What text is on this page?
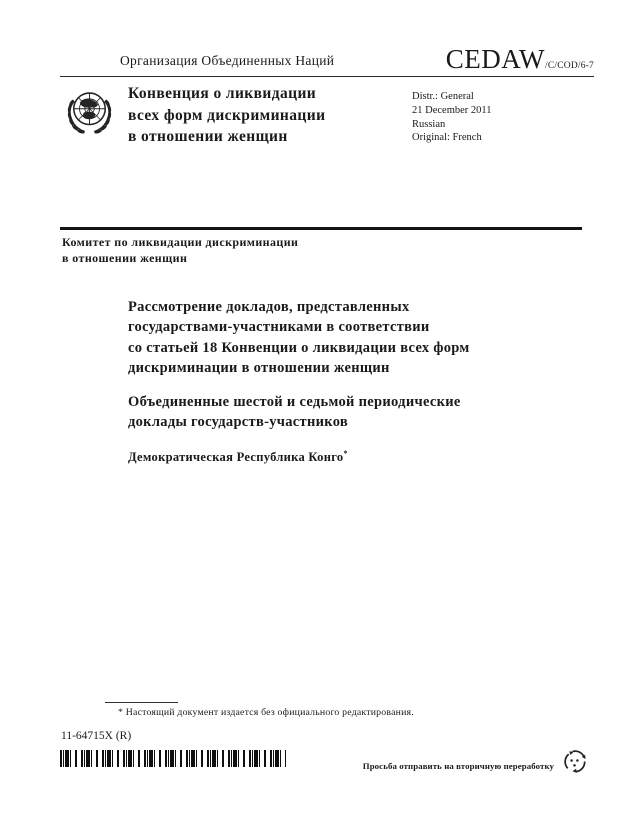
Организация Объединенных Наций	CEDAW /C/COD/6-7
Конвенция о ликвидации
всех форм дискриминации
в отношении женщин
Distr.: General
21 December 2011
Russian
Original: French
Комитет по ликвидации дискриминации
в отношении женщин
Рассмотрение докладов, представленных
государствами-участниками в соответствии
со статьей 18 Конвенции о ликвидации всех форм
дискриминации в отношении женщин
Объединенные шестой и седьмой периодические
доклады государств-участников
Демократическая Республика Конго*
* Настоящий документ издается без официального редактирования.
11-64715X (R)
Просьба отправить на вторичную переработку
